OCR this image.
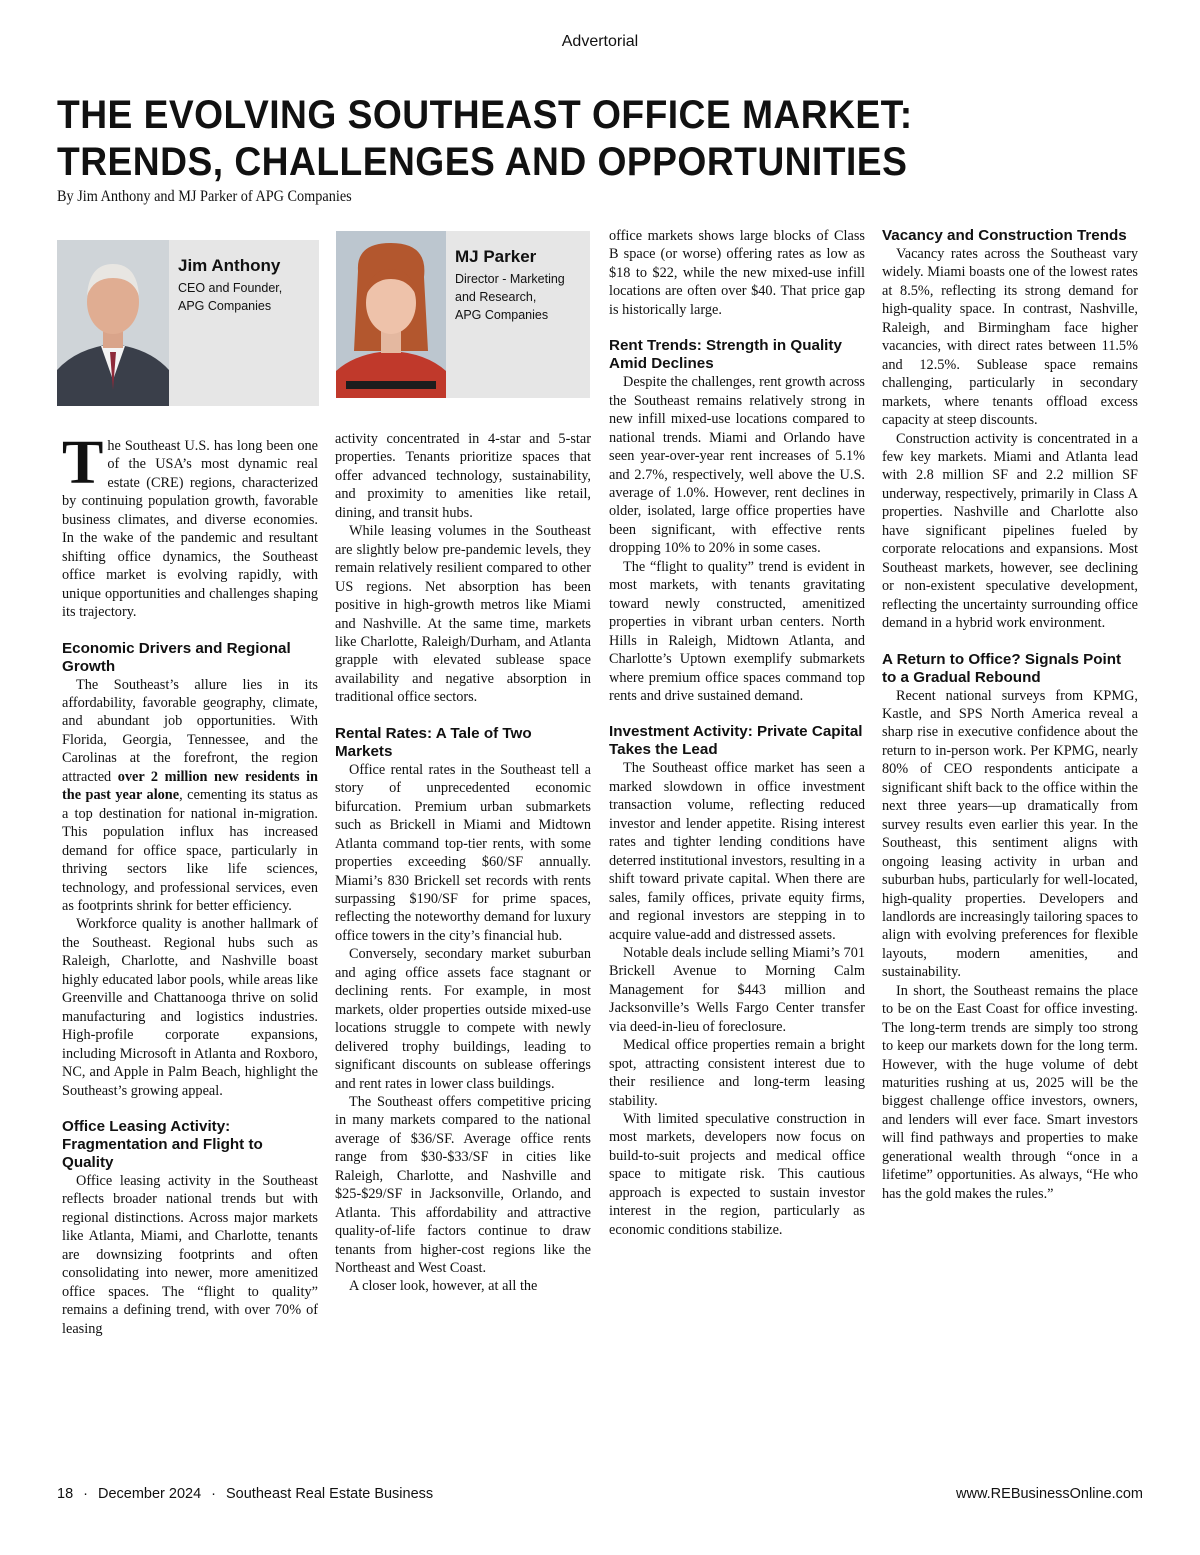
Advertorial
THE EVOLVING SOUTHEAST OFFICE MARKET:
TRENDS, CHALLENGES AND OPPORTUNITIES
By Jim Anthony and MJ Parker of APG Companies
Jim Anthony
CEO and Founder,
APG Companies
MJ Parker
Director - Marketing
and Research,
APG Companies

The Southeast U.S. has long been one of the USA’s most dynamic real estate (CRE) regions, characterized by continuing population growth, favorable business climates, and diverse economies. In the wake of the pandemic and resultant shifting office dynamics, the Southeast office market is evolving rapidly, with unique opportunities and challenges shaping its trajectory.

Economic Drivers and Regional Growth

The Southeast’s allure lies in its affordability, favorable geography, climate, and abundant job opportunities. With Florida, Georgia, Tennessee, and the Carolinas at the forefront, the region attracted over 2 million new residents in the past year alone, cementing its status as a top destination for national in-migration. This population influx has increased demand for office space, particularly in thriving sectors like life sciences, technology, and professional services, even as footprints shrink for better efficiency.

Workforce quality is another hallmark of the Southeast. Regional hubs such as Raleigh, Charlotte, and Nashville boast highly educated labor pools, while areas like Greenville and Chattanooga thrive on solid manufacturing and logistics industries. High-profile corporate expansions, including Microsoft in Atlanta and Roxboro, NC, and Apple in Palm Beach, highlight the Southeast’s growing appeal.

Office Leasing Activity: Fragmentation and Flight to Quality

Office leasing activity in the Southeast reflects broader national trends but with regional distinctions. Across major markets like Atlanta, Miami, and Charlotte, tenants are downsizing footprints and often consolidating into newer, more amenitized office spaces. The “flight to quality” remains a defining trend, with over 70% of leasing

activity concentrated in 4-star and 5-star properties. Tenants prioritize spaces that offer advanced technology, sustainability, and proximity to amenities like retail, dining, and transit hubs.

While leasing volumes in the Southeast are slightly below pre-pandemic levels, they remain relatively resilient compared to other US regions. Net absorption has been positive in high-growth metros like Miami and Nashville. At the same time, markets like Charlotte, Raleigh/Durham, and Atlanta grapple with elevated sublease space availability and negative absorption in traditional office sectors.

Rental Rates: A Tale of Two Markets

Office rental rates in the Southeast tell a story of unprecedented economic bifurcation. Premium urban submarkets such as Brickell in Miami and Midtown Atlanta command top-tier rents, with some properties exceeding $60/SF annually. Miami’s 830 Brickell set records with rents surpassing $190/SF for prime spaces, reflecting the noteworthy demand for luxury office towers in the city’s financial hub.

Conversely, secondary market suburban and aging office assets face stagnant or declining rents. For example, in most markets, older properties outside mixed-use locations struggle to compete with newly delivered trophy buildings, leading to significant discounts on sublease offerings and rent rates in lower class buildings.

The Southeast offers competitive pricing in many markets compared to the national average of $36/SF. Average office rents range from $30-$33/SF in cities like Raleigh, Charlotte, and Nashville and $25-$29/SF in Jacksonville, Orlando, and Atlanta. This affordability and attractive quality-of-life factors continue to draw tenants from higher-cost regions like the Northeast and West Coast.

A closer look, however, at all the

office markets shows large blocks of Class B space (or worse) offering rates as low as $18 to $22, while the new mixed-use infill locations are often over $40. That price gap is historically large.

Rent Trends: Strength in Quality Amid Declines

Despite the challenges, rent growth across the Southeast remains relatively strong in new infill mixed-use locations compared to national trends. Miami and Orlando have seen year-over-year rent increases of 5.1% and 2.7%, respectively, well above the U.S. average of 1.0%. However, rent declines in older, isolated, large office properties have been significant, with effective rents dropping 10% to 20% in some cases.

The “flight to quality” trend is evident in most markets, with tenants gravitating toward newly constructed, amenitized properties in vibrant urban centers. North Hills in Raleigh, Midtown Atlanta, and Charlotte’s Uptown exemplify submarkets where premium office spaces command top rents and drive sustained demand.

Investment Activity: Private Capital Takes the Lead

The Southeast office market has seen a marked slowdown in office investment transaction volume, reflecting reduced investor and lender appetite. Rising interest rates and tighter lending conditions have deterred institutional investors, resulting in a shift toward private capital. When there are sales, family offices, private equity firms, and regional investors are stepping in to acquire value-add and distressed assets.

Notable deals include selling Miami’s 701 Brickell Avenue to Morning Calm Management for $443 million and Jacksonville’s Wells Fargo Center transfer via deed-in-lieu of foreclosure.

Medical office properties remain a bright spot, attracting consistent interest due to their resilience and long-term leasing stability.

With limited speculative construction in most markets, developers now focus on build-to-suit projects and medical office space to mitigate risk. This cautious approach is expected to sustain investor interest in the region, particularly as economic conditions stabilize.

Vacancy and Construction Trends

Vacancy rates across the Southeast vary widely. Miami boasts one of the lowest rates at 8.5%, reflecting its strong demand for high-quality space. In contrast, Nashville, Raleigh, and Birmingham face higher vacancies, with direct rates between 11.5% and 12.5%. Sublease space remains challenging, particularly in secondary markets, where tenants offload excess capacity at steep discounts.

Construction activity is concentrated in a few key markets. Miami and Atlanta lead with 2.8 million SF and 2.2 million SF underway, respectively, primarily in Class A properties. Nashville and Charlotte also have significant pipelines fueled by corporate relocations and expansions. Most Southeast markets, however, see declining or non-existent speculative development, reflecting the uncertainty surrounding office demand in a hybrid work environment.

A Return to Office? Signals Point to a Gradual Rebound

Recent national surveys from KPMG, Kastle, and SPS North America reveal a sharp rise in executive confidence about the return to in-person work. Per KPMG, nearly 80% of CEO respondents anticipate a significant shift back to the office within the next three years—up dramatically from survey results even earlier this year. In the Southeast, this sentiment aligns with ongoing leasing activity in urban and suburban hubs, particularly for well-located, high-quality properties. Developers and landlords are increasingly tailoring spaces to align with evolving preferences for flexible layouts, modern amenities, and sustainability.

In short, the Southeast remains the place to be on the East Coast for office investing. The long-term trends are simply too strong to keep our markets down for the long term. However, with the huge volume of debt maturities rushing at us, 2025 will be the biggest challenge office investors, owners, and lenders will ever face. Smart investors will find pathways and properties to make generational wealth through “once in a lifetime” opportunities. As always, “He who has the gold makes the rules.”

18 · December 2024 · Southeast Real Estate Business	www.REBusinessOnline.com
